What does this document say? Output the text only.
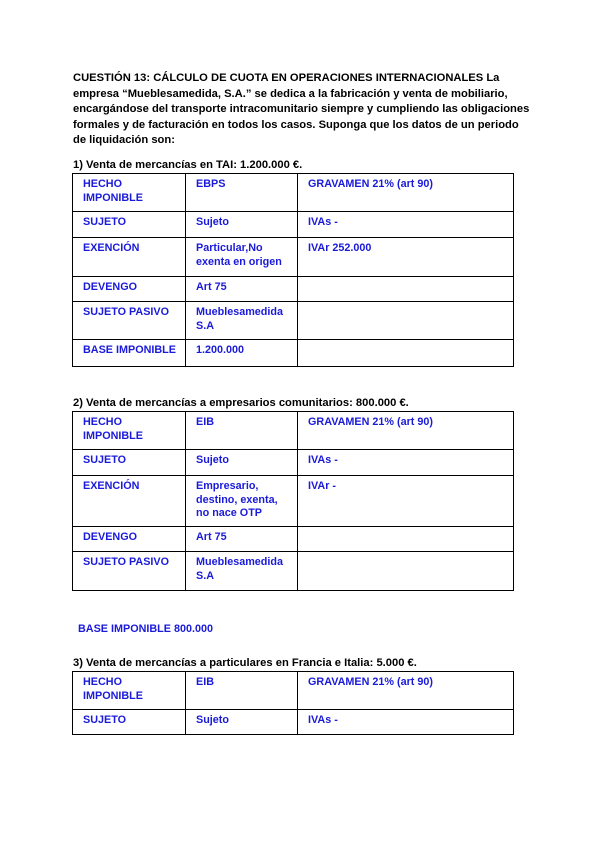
CUESTIÓN 13: CÁLCULO DE CUOTA EN OPERACIONES INTERNACIONALES La empresa “Mueblesamedida, S.A.” se dedica a la fabricación y venta de mobiliario, encargándose del transporte intracomunitario siempre y cumpliendo las obligaciones formales y de facturación en todos los casos. Suponga que los datos de un periodo de liquidación son:
1) Venta de mercancías en TAI: 1.200.000 €.
HECHO IMPONIBLE	EBPS	GRAVAMEN 21% (art 90)
SUJETO	Sujeto	IVAs -
EXENCIÓN	Particular,No exenta en origen	IVAr 252.000
DEVENGO	Art 75	
SUJETO PASIVO	Mueblesamedida S.A	
BASE IMPONIBLE	1.200.000	
2) Venta de mercancías a empresarios comunitarios: 800.000 €.
HECHO IMPONIBLE	EIB	GRAVAMEN 21% (art 90)
SUJETO	Sujeto	IVAs -
EXENCIÓN	Empresario, destino, exenta, no nace OTP	IVAr -
DEVENGO	Art 75	
SUJETO PASIVO	Mueblesamedida S.A	
BASE IMPONIBLE 800.000
3) Venta de mercancías a particulares en Francia e Italia: 5.000 €.
HECHO IMPONIBLE	EIB	GRAVAMEN 21% (art 90)
SUJETO	Sujeto	IVAs -
